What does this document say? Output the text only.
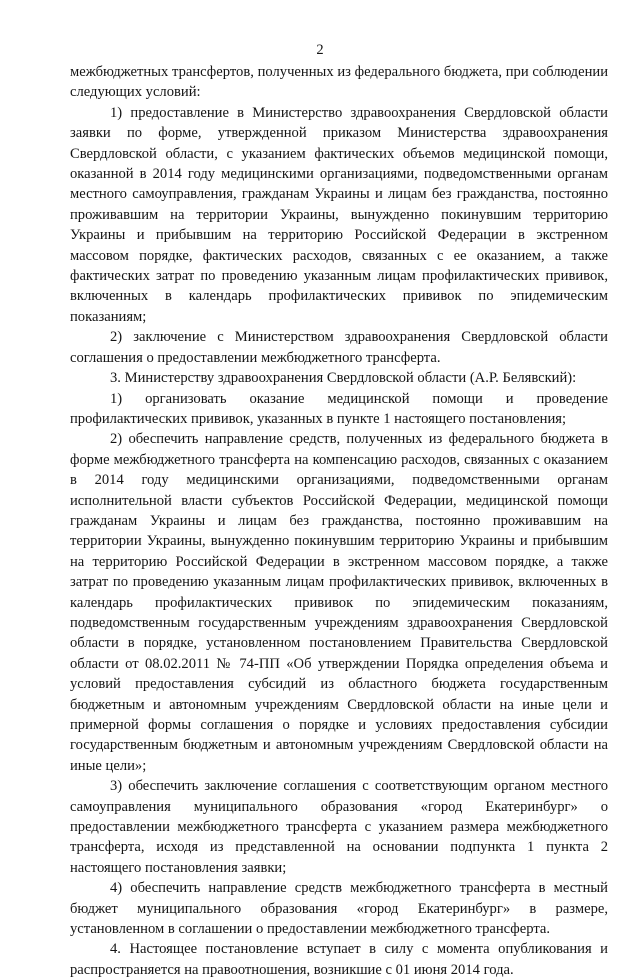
2

межбюджетных трансфертов, полученных из федерального бюджета, при соблюдении следующих условий:

1) предоставление в Министерство здравоохранения Свердловской области заявки по форме, утвержденной приказом Министерства здравоохранения Свердловской области, с указанием фактических объемов медицинской помощи, оказанной в 2014 году медицинскими организациями, подведомственными органам местного самоуправления, гражданам Украины и лицам без гражданства, постоянно проживавшим на территории Украины, вынужденно покинувшим территорию Украины и прибывшим на территорию Российской Федерации в экстренном массовом порядке, фактических расходов, связанных с ее оказанием, а также фактических затрат по проведению указанным лицам профилактических прививок, включенных в календарь профилактических прививок по эпидемическим показаниям;

2) заключение с Министерством здравоохранения Свердловской области соглашения о предоставлении межбюджетного трансферта.

3. Министерству здравоохранения Свердловской области (А.Р. Белявский):

1) организовать оказание медицинской помощи и проведение профилактических прививок, указанных в пункте 1 настоящего постановления;

2) обеспечить направление средств, полученных из федерального бюджета в форме межбюджетного трансферта на компенсацию расходов, связанных с оказанием в 2014 году медицинскими организациями, подведомственными органам исполнительной власти субъектов Российской Федерации, медицинской помощи гражданам Украины и лицам без гражданства, постоянно проживавшим на территории Украины, вынужденно покинувшим территорию Украины и прибывшим на территорию Российской Федерации в экстренном массовом порядке, а также затрат по проведению указанным лицам профилактических прививок, включенных в календарь профилактических прививок по эпидемическим показаниям, подведомственным государственным учреждениям здравоохранения Свердловской области в порядке, установленном постановлением Правительства Свердловской области от 08.02.2011 № 74-ПП «Об утверждении Порядка определения объема и условий предоставления субсидий из областного бюджета государственным бюджетным и автономным учреждениям Свердловской области на иные цели и примерной формы соглашения о порядке и условиях предоставления субсидии государственным бюджетным и автономным учреждениям Свердловской области на иные цели»;

3) обеспечить заключение соглашения с соответствующим органом местного самоуправления муниципального образования «город Екатеринбург» о предоставлении межбюджетного трансферта с указанием размера межбюджетного трансферта, исходя из представленной на основании подпункта 1 пункта 2 настоящего постановления заявки;

4) обеспечить направление средств межбюджетного трансферта в местный бюджет муниципального образования «город Екатеринбург» в размере, установленном в соглашении о предоставлении межбюджетного трансферта.

4. Настоящее постановление вступает в силу с момента опубликования и распространяется на правоотношения, возникшие с 01 июня 2014 года.
